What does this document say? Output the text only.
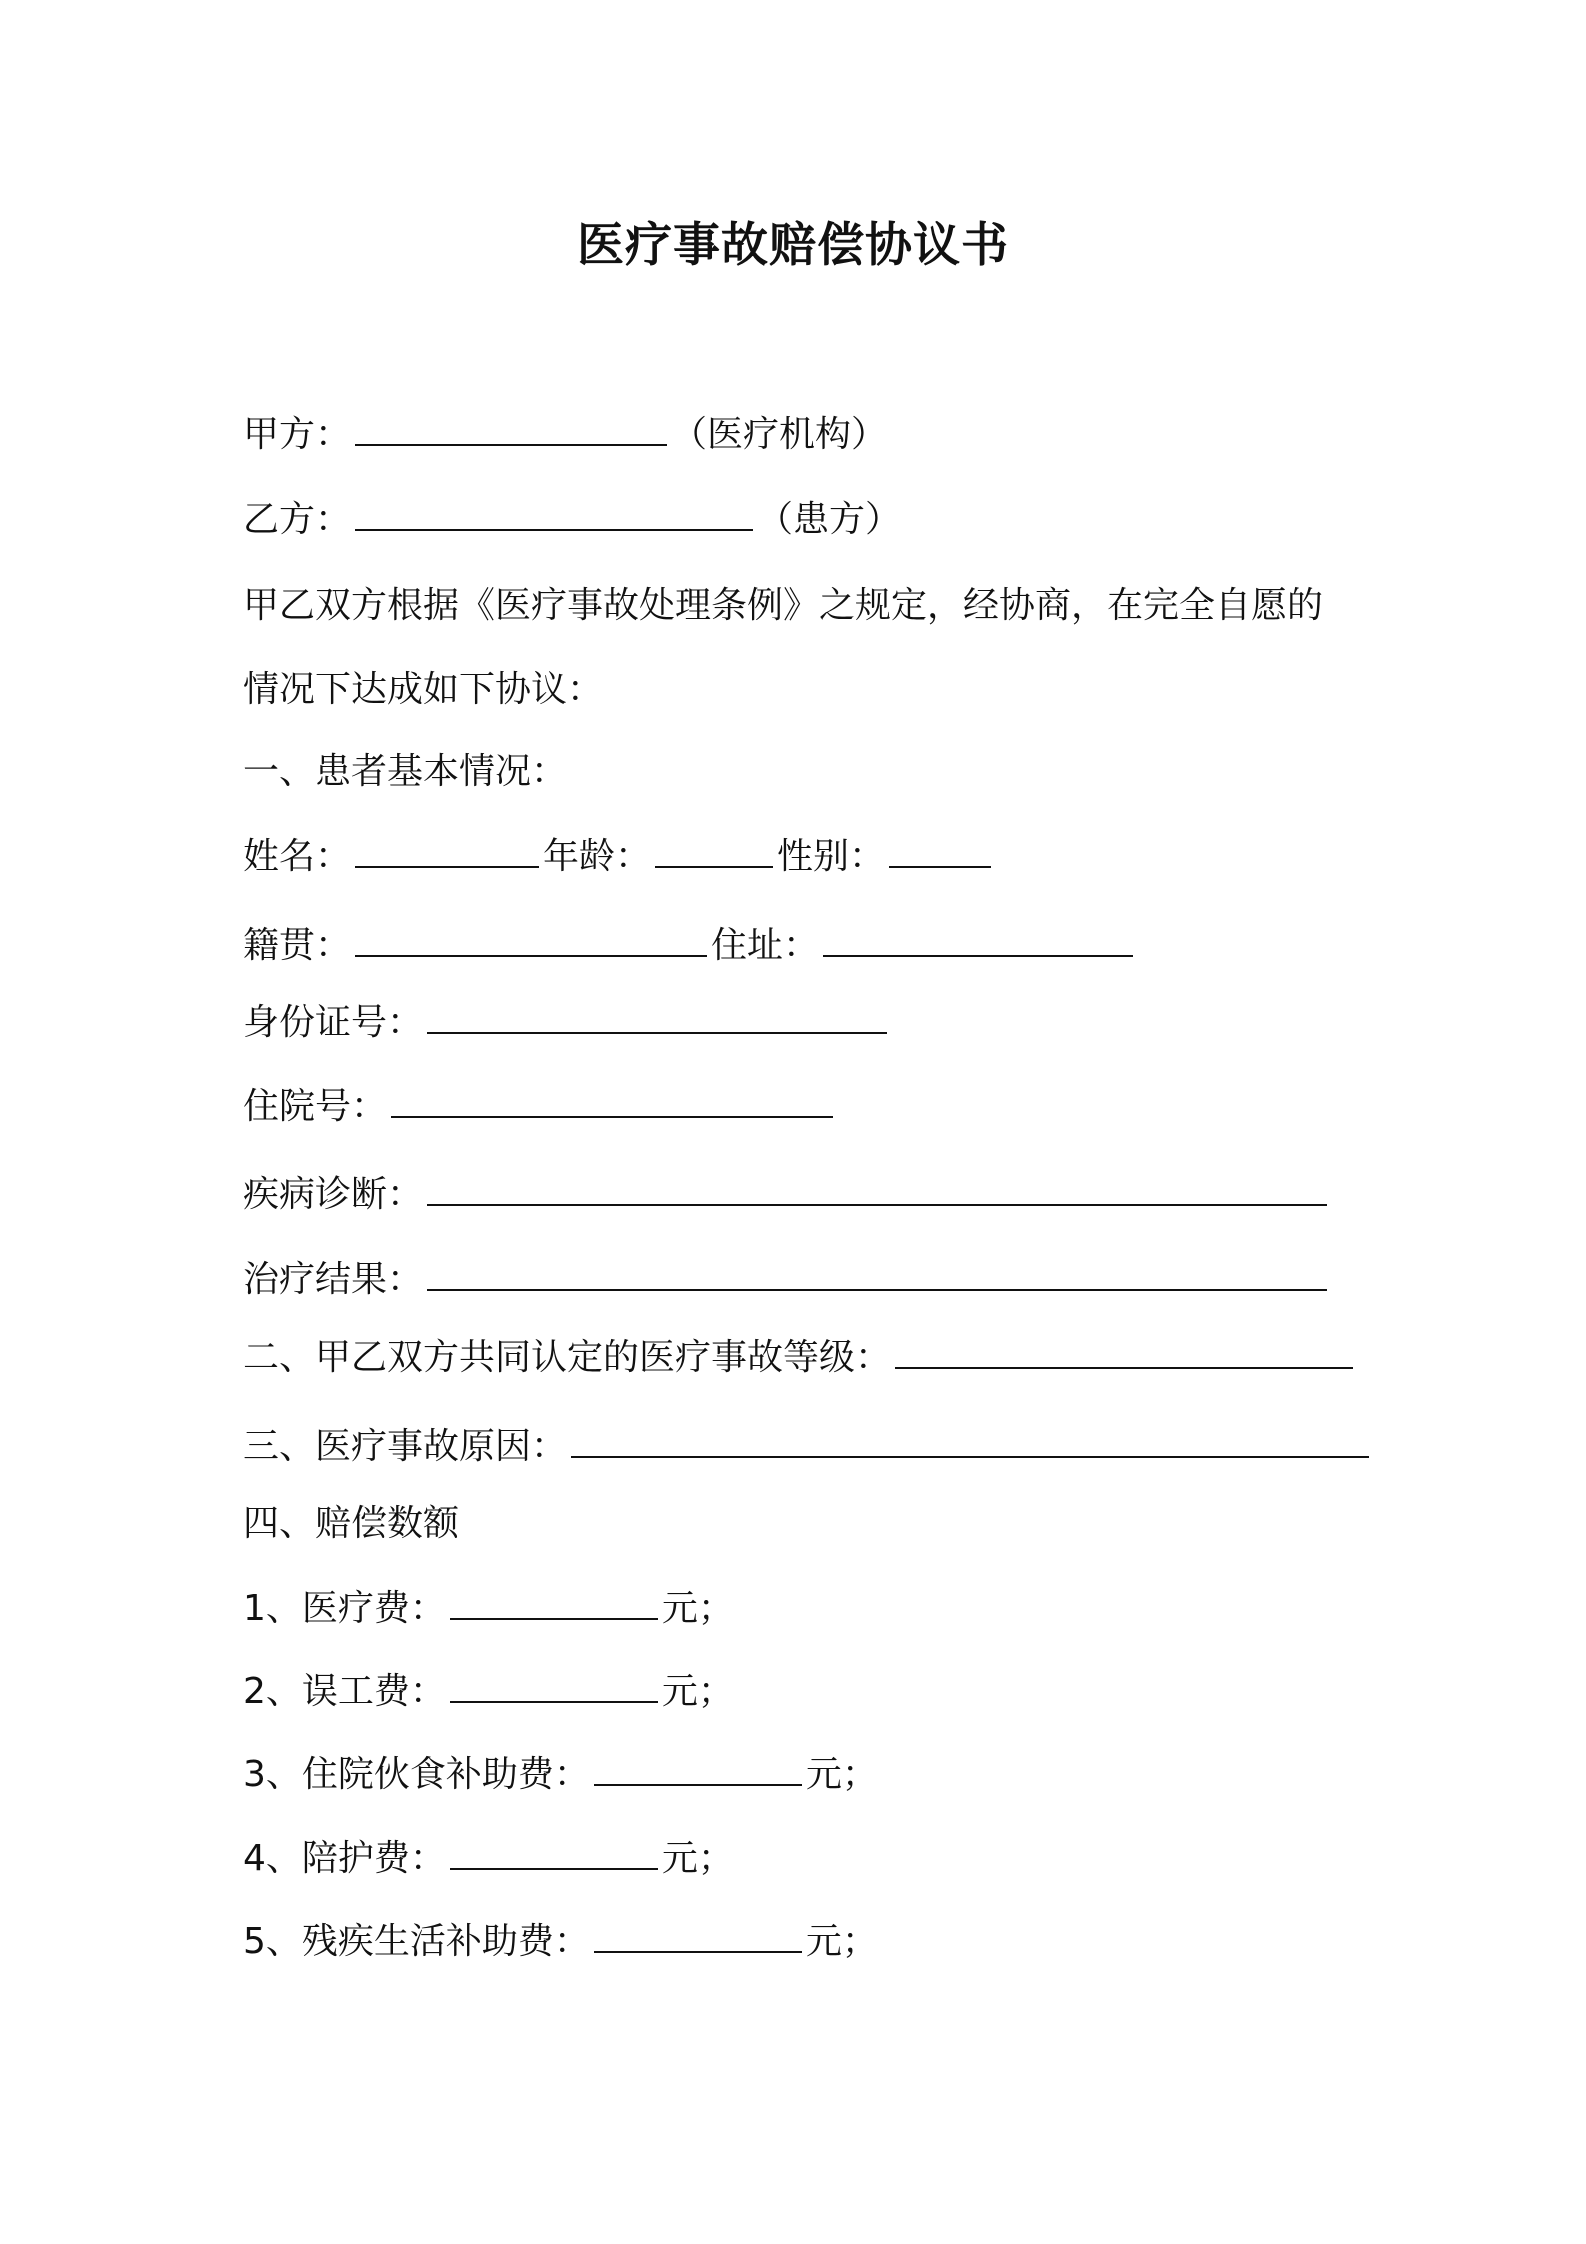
医疗事故赔偿协议书
甲方：	（医疗机构）
乙方：	（患方）
甲乙双方根据《医疗事故处理条例》之规定，经协商，在完全自愿的情况下达成如下协议：
一、患者基本情况：
姓名：	年龄：	性别：
籍贯：	住址：
身份证号：
住院号：
疾病诊断：
治疗结果：
二、甲乙双方共同认定的医疗事故等级：
三、医疗事故原因：
四、赔偿数额
1、医疗费：	元；
2、误工费：	元；
3、住院伙食补助费：	元；
4、陪护费：	元；
5、残疾生活补助费：	元；
